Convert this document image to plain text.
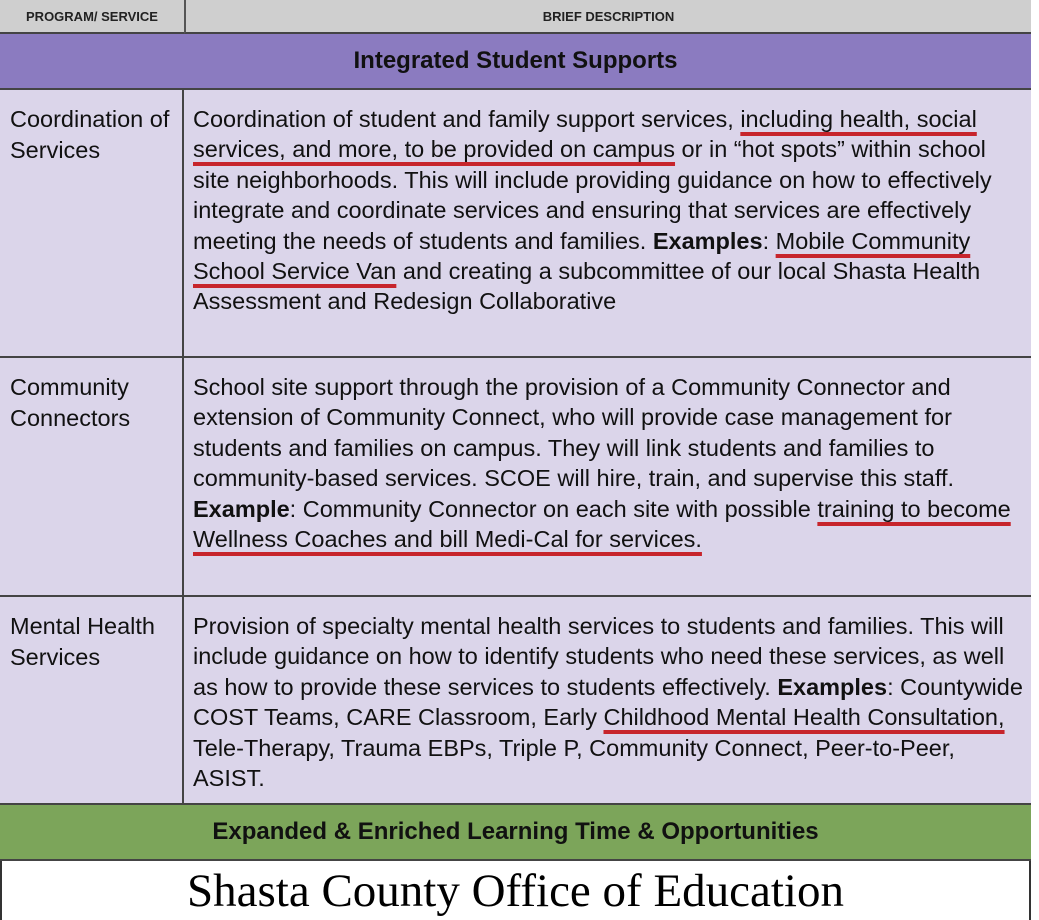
PROGRAM/ SERVICE	BRIEF DESCRIPTION
Integrated Student Supports
Coordination of Services

Coordination of student and family support services, including health, social services, and more, to be provided on campus or in “hot spots” within school site neighborhoods. This will include providing guidance on how to effectively integrate and coordinate services and ensuring that services are effectively meeting the needs of students and families. Examples: Mobile Community School Service Van and creating a subcommittee of our local Shasta Health Assessment and Redesign Collaborative

Community Connectors

School site support through the provision of a Community Connector and extension of Community Connect, who will provide case management for students and families on campus. They will link students and families to community-based services. SCOE will hire, train, and supervise this staff. Example: Community Connector on each site with possible training to become Wellness Coaches and bill Medi-Cal for services.

Mental Health Services

Provision of specialty mental health services to students and families. This will include guidance on how to identify students who need these services, as well as how to provide these services to students effectively. Examples: Countywide COST Teams, CARE Classroom, Early Childhood Mental Health Consultation, Tele-Therapy, Trauma EBPs, Triple P, Community Connect, Peer-to-Peer, ASIST.

Expanded & Enriched Learning Time & Opportunities
Shasta County Office of Education
